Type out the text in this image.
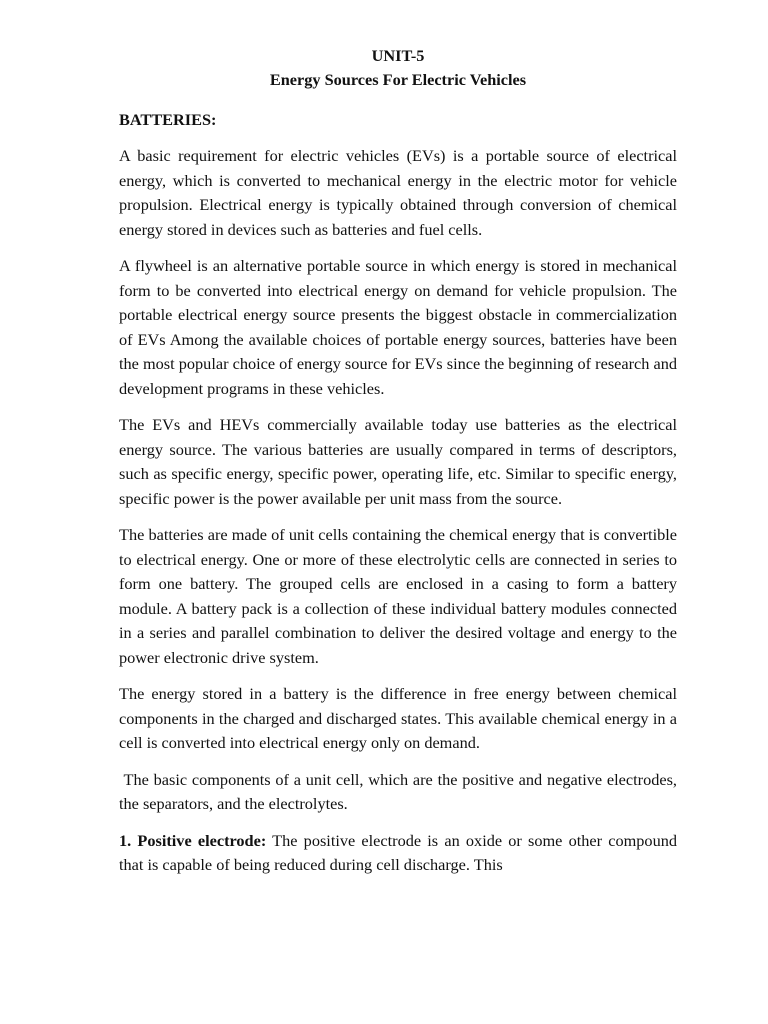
UNIT-5
Energy Sources For Electric Vehicles
BATTERIES:

A basic requirement for electric vehicles (EVs) is a portable source of electrical energy, which is converted to mechanical energy in the electric motor for vehicle propulsion. Electrical energy is typically obtained through conversion of chemical energy stored in devices such as batteries and fuel cells.

A flywheel is an alternative portable source in which energy is stored in mechanical form to be converted into electrical energy on demand for vehicle propulsion. The portable electrical energy source presents the biggest obstacle in commercialization of EVs Among the available choices of portable energy sources, batteries have been the most popular choice of energy source for EVs since the beginning of research and development programs in these vehicles.

The EVs and HEVs commercially available today use batteries as the electrical energy source. The various batteries are usually compared in terms of descriptors, such as specific energy, specific power, operating life, etc. Similar to specific energy, specific power is the power available per unit mass from the source.

The batteries are made of unit cells containing the chemical energy that is convertible to electrical energy. One or more of these electrolytic cells are connected in series to form one battery. The grouped cells are enclosed in a casing to form a battery module. A battery pack is a collection of these individual battery modules connected in a series and parallel combination to deliver the desired voltage and energy to the power electronic drive system.

The energy stored in a battery is the difference in free energy between chemical components in the charged and discharged states. This available chemical energy in a cell is converted into electrical energy only on demand.

The basic components of a unit cell, which are the positive and negative electrodes, the separators, and the electrolytes.

1. Positive electrode: The positive electrode is an oxide or some other compound that is capable of being reduced during cell discharge. This
